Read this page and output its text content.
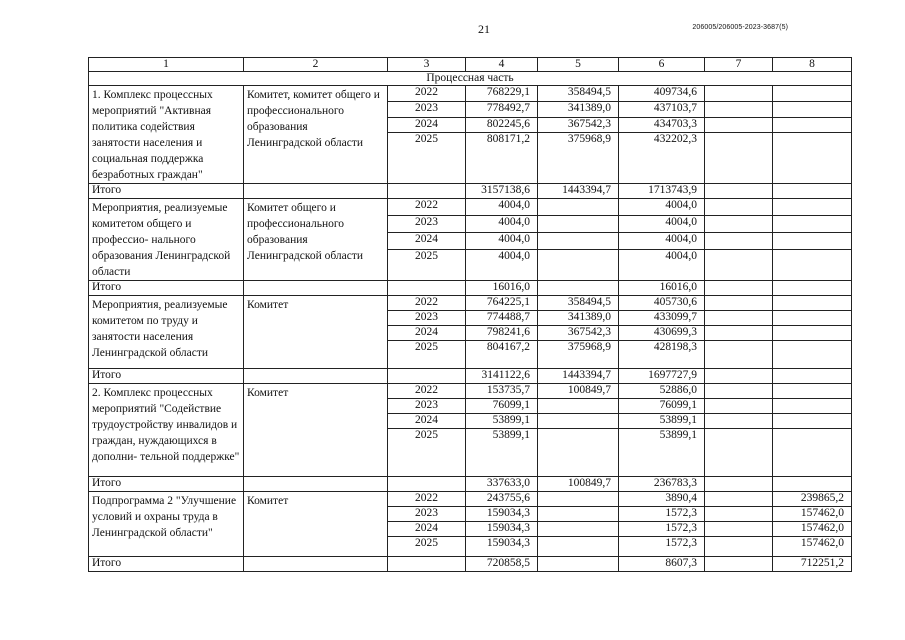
21	206005/206005-2023-3687(5)
1	2	3	4	5	6	7	8
Процессная часть							
1. Комплекс процессных мероприятий "Активная политика содействия занятости населения и социальная поддержка безработных граждан"	Комитет, комитет общего и профессионального образования Ленинградской области	2022	768229,1	358494,5	409734,6		
		2023	778492,7	341389,0	437103,7		
		2024	802245,6	367542,3	434703,3		
		2025	808171,2	375968,9	432202,3		
Итого			3157138,6	1443394,7	1713743,9		
Мероприятия, реализуемые комитетом общего и профессио- нального образования Ленинградской области	Комитет общего и профессионального образования Ленинградской области	2022	4004,0		4004,0		
		2023	4004,0		4004,0		
		2024	4004,0		4004,0		
		2025	4004,0		4004,0		
Итого			16016,0		16016,0		
Мероприятия, реализуемые комитетом по труду и занятости населения Ленинградской области	Комитет	2022	764225,1	358494,5	405730,6		
		2023	774488,7	341389,0	433099,7		
		2024	798241,6	367542,3	430699,3		
		2025	804167,2	375968,9	428198,3		
Итого			3141122,6	1443394,7	1697727,9		
2. Комплекс процессных мероприятий "Содействие трудоустройству инвалидов и граждан, нуждающихся в дополни- тельной поддержке"	Комитет	2022	153735,7	100849,7	52886,0		
		2023	76099,1		76099,1		
		2024	53899,1		53899,1		
		2025	53899,1		53899,1		
Итого			337633,0	100849,7	236783,3		
Подпрограмма 2 "Улучшение условий и охраны труда в Ленинградской области"	Комитет	2022	243755,6		3890,4		239865,2
		2023	159034,3		1572,3		157462,0
		2024	159034,3		1572,3		157462,0
		2025	159034,3		1572,3		157462,0
Итого			720858,5		8607,3		712251,2
